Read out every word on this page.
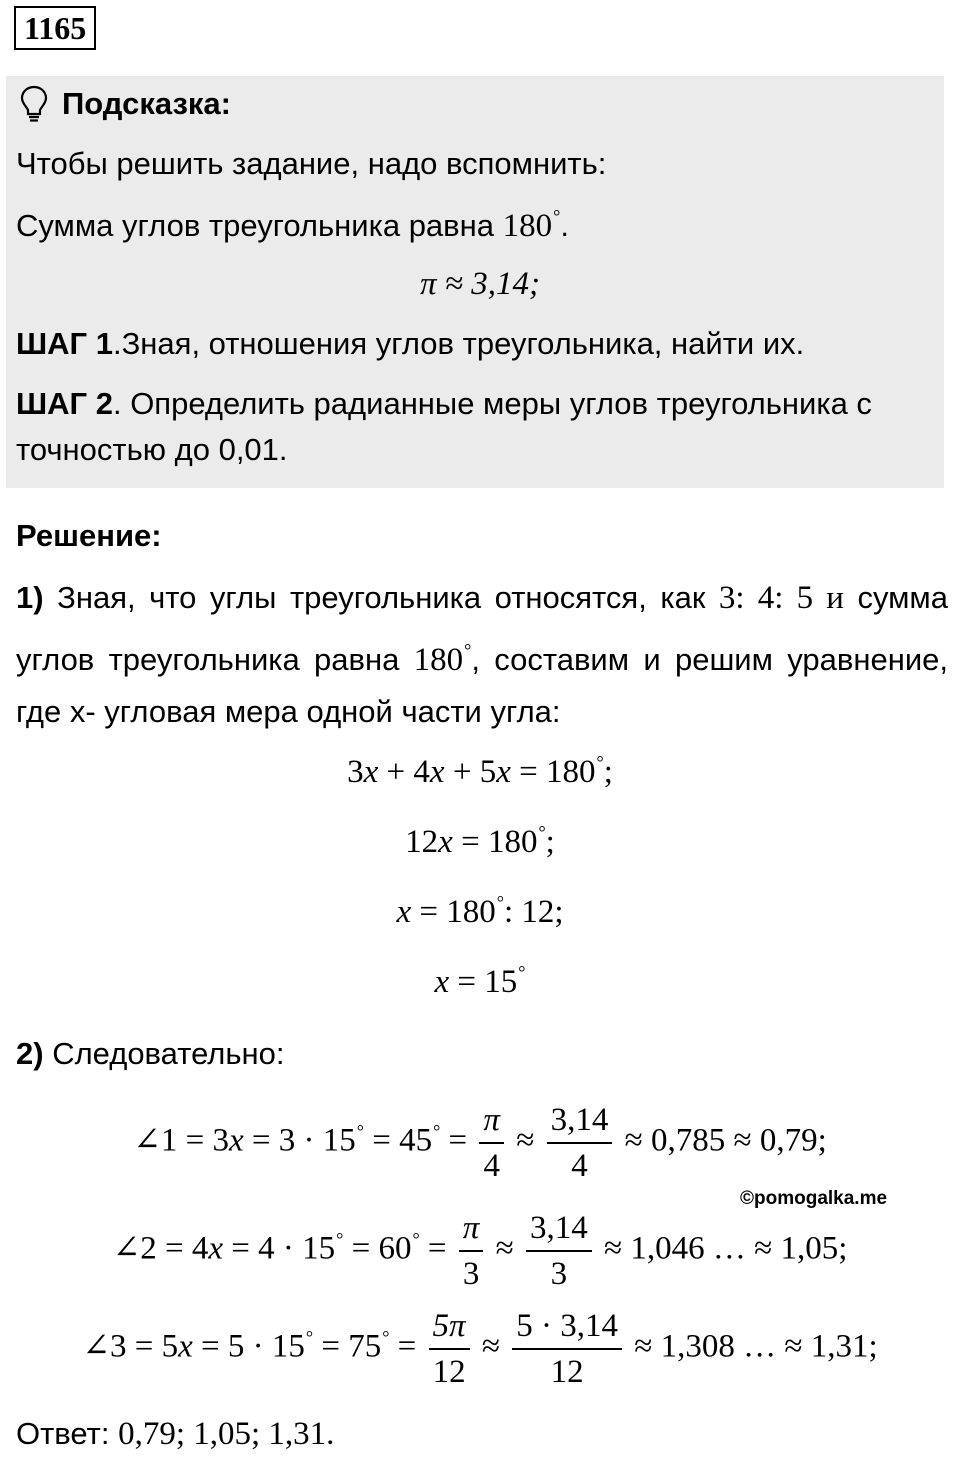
1165
Подсказка:
Чтобы решить задание, надо вспомнить:
Сумма углов треугольника равна 180°.
π ≈ 3,14;
ШАГ 1.Зная, отношения углов треугольника, найти их.
ШАГ 2. Определить радианные меры углов треугольника с
точностью до 0,01.
Решение:
1) Зная, что углы треугольника относятся, как 3: 4: 5 и сумма углов треугольника равна 180°, составим и решим уравнение, где х- угловая мера одной части угла:
3x + 4x + 5x = 180°;
12x = 180°;
x = 180°: 12;
x = 15°
2) Следовательно:
∠1 = $3x = 3 \cdot 15^\circ = 45^\circ = \frac{\pi}{4} \approx \frac{3,14}{4} \approx 0,785 \approx 0,79$;
©pomogalka.me
∠2 = $4x = 4 \cdot 15^\circ = 60^\circ = \frac{\pi}{3} \approx \frac{3,14}{3} \approx 1,046$ … ≈ 1,05;
∠3 = $5x = 5 \cdot 15^\circ = 75^\circ = \frac{5\pi}{12} \approx \frac{5 \cdot 3,14}{12} \approx 1,308$ … ≈ 1,31;
Ответ: 0,79; 1,05; 1,31.
